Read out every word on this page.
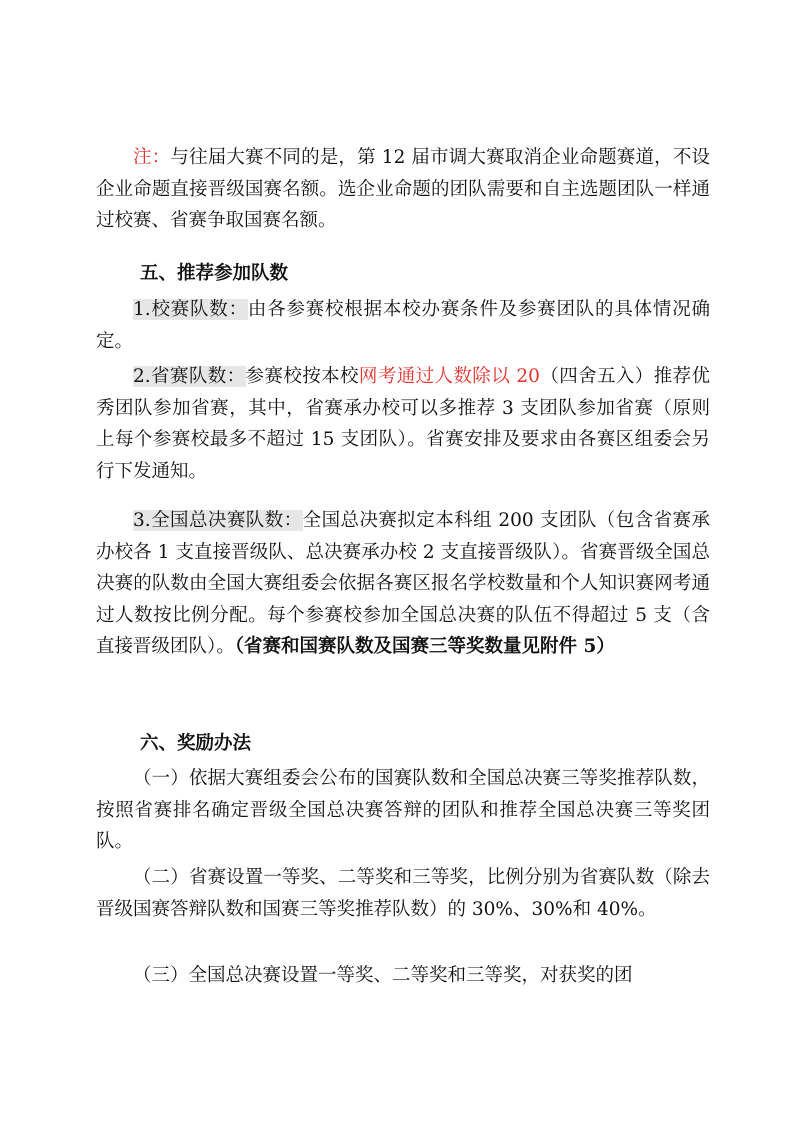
注：与往届大赛不同的是，第 12 届市调大赛取消企业命题赛道，不设企业命题直接晋级国赛名额。选企业命题的团队需要和自主选题团队一样通过校赛、省赛争取国赛名额。

五、推荐参加队数

1.校赛队数：由各参赛校根据本校办赛条件及参赛团队的具体情况确定。

2.省赛队数：参赛校按本校网考通过人数除以 20（四舍五入）推荐优秀团队参加省赛，其中，省赛承办校可以多推荐 3 支团队参加省赛（原则上每个参赛校最多不超过 15 支团队）。省赛安排及要求由各赛区组委会另行下发通知。

3.全国总决赛队数：全国总决赛拟定本科组 200 支团队（包含省赛承办校各 1 支直接晋级队、总决赛承办校 2 支直接晋级队）。省赛晋级全国总决赛的队数由全国大赛组委会依据各赛区报名学校数量和个人知识赛网考通过人数按比例分配。每个参赛校参加全国总决赛的队伍不得超过 5 支（含直接晋级团队）。（省赛和国赛队数及国赛三等奖数量见附件 5）

六、奖励办法

（一）依据大赛组委会公布的国赛队数和全国总决赛三等奖推荐队数，按照省赛排名确定晋级全国总决赛答辩的团队和推荐全国总决赛三等奖团队。

（二）省赛设置一等奖、二等奖和三等奖，比例分别为省赛队数（除去晋级国赛答辩队数和国赛三等奖推荐队数）的 30%、30%和 40%。

（三）全国总决赛设置一等奖、二等奖和三等奖，对获奖的团
